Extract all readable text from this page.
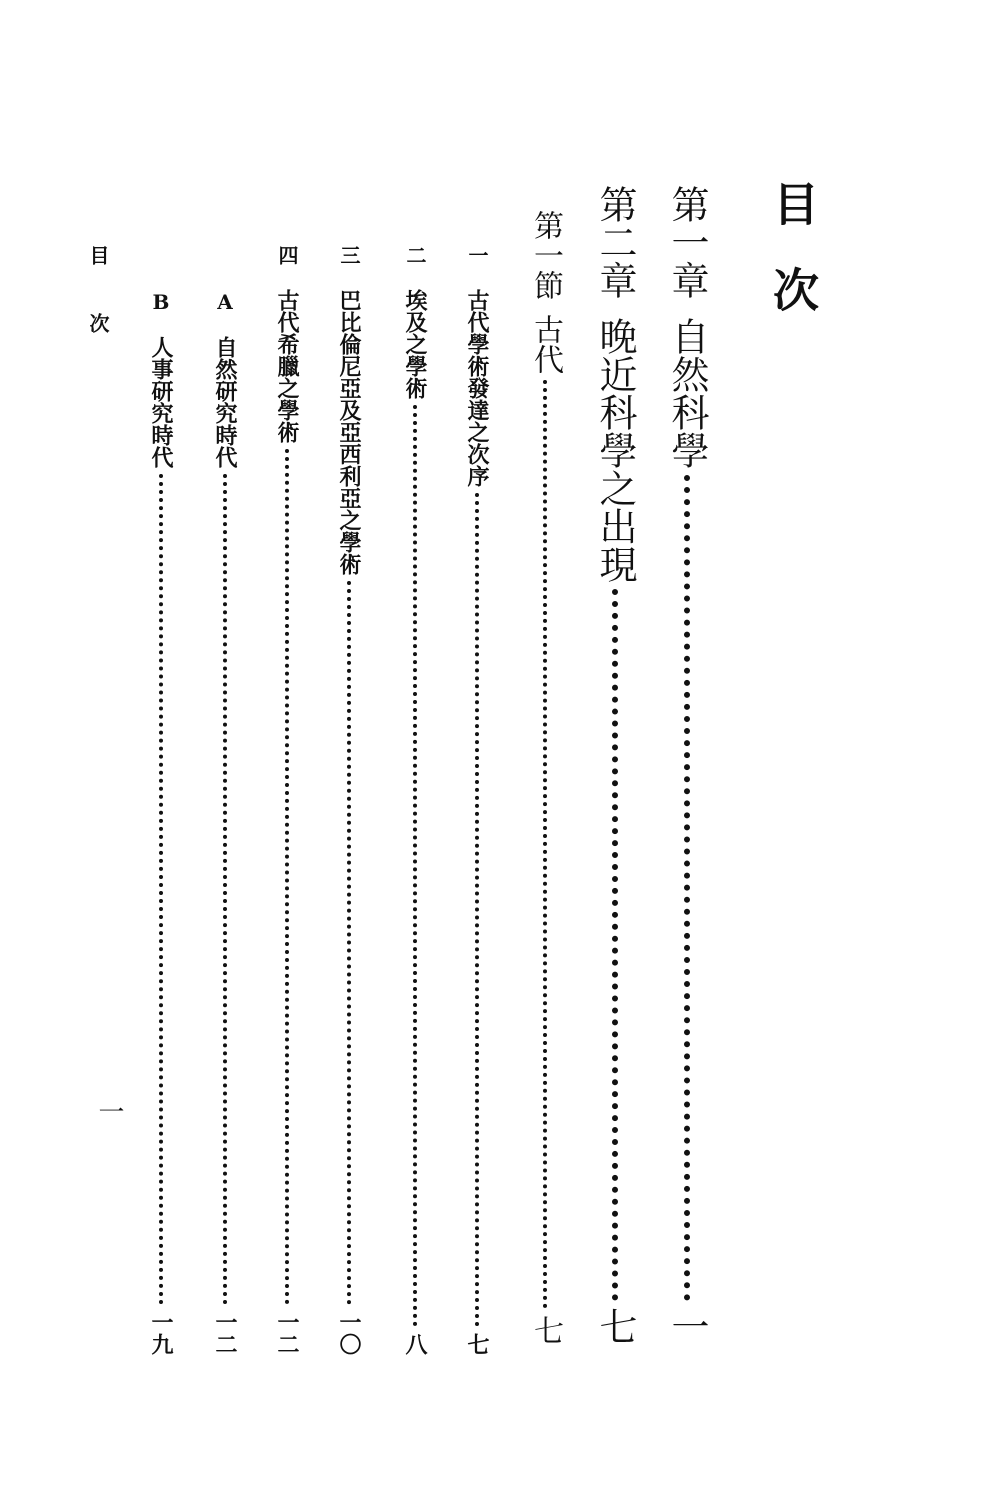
目次
第一章
自然科學
一
第二章
晚近科學之出現
七
第一節
古代
七
一
古代學術發達之次序
七
二
埃及之學術
八
三
巴比倫尼亞及亞西利亞之學術
一〇
四
古代希臘之學術
一二
A
自然研究時代
一二
B
人事研究時代
一九
目次
一
